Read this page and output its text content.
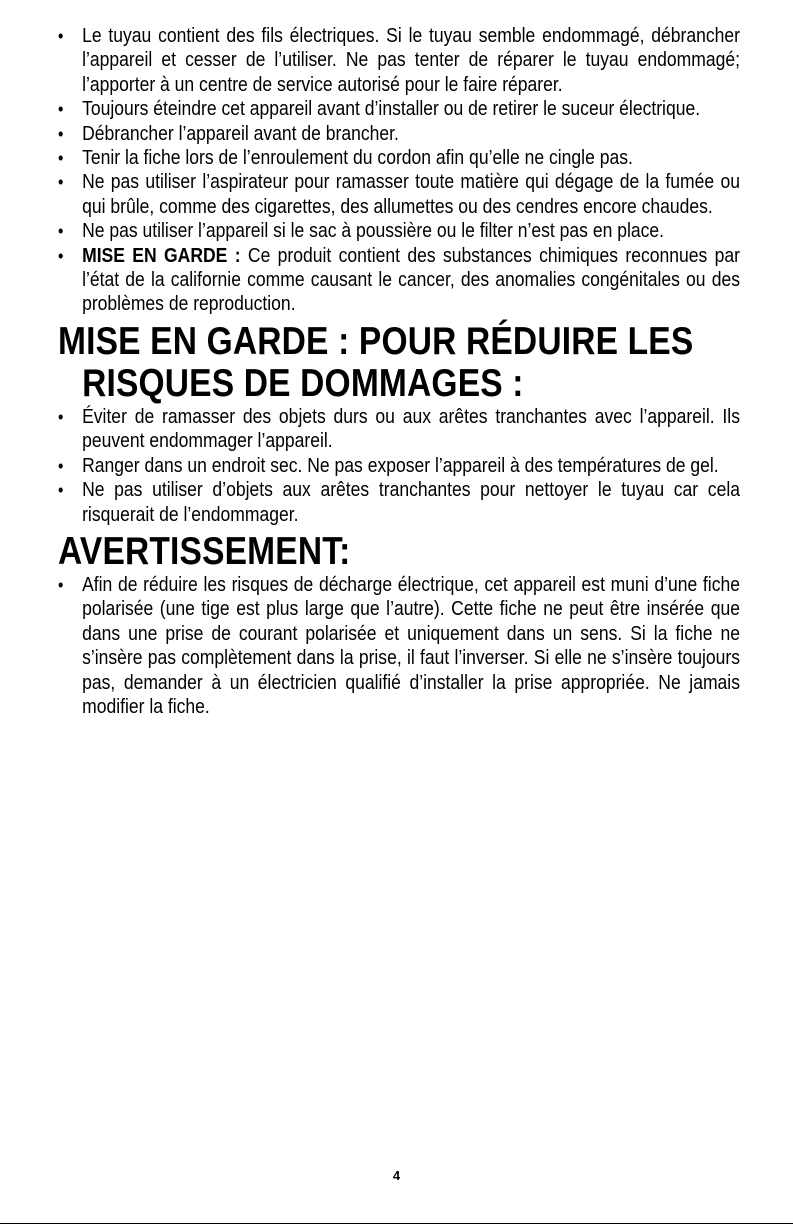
• Le tuyau contient des fils électriques. Si le tuyau semble endommagé, débrancher l’appareil et cesser de l’utiliser. Ne pas tenter de réparer le tuyau endommagé; l’apporter à un centre de service autorisé pour le faire réparer.
• Toujours éteindre cet appareil avant d’installer ou de retirer le suceur électrique.
• Débrancher l’appareil avant de brancher.
• Tenir la fiche lors de l’enroulement du cordon afin qu’elle ne cingle pas.
• Ne pas utiliser l’aspirateur pour ramasser toute matière qui dégage de la fumée ou qui brûle, comme des cigarettes, des allumettes ou des cendres encore chaudes.
• Ne pas utiliser l’appareil si le sac à poussière ou le filter n’est pas en place.
• MISE EN GARDE : Ce produit contient des substances chimiques reconnues par l’état de la californie comme causant le cancer, des anomalies congénitales ou des problèmes de reproduction.
MISE EN GARDE : POUR RÉDUIRE LES
RISQUES DE DOMMAGES :
• Éviter de ramasser des objets durs ou aux arêtes tranchantes avec l’appareil. Ils peuvent endommager l’appareil.
• Ranger dans un endroit sec. Ne pas exposer l’appareil à des températures de gel.
• Ne pas utiliser d’objets aux arêtes tranchantes pour nettoyer le tuyau car cela risquerait de l’endommager.
AVERTISSEMENT:
• Afin de réduire les risques de décharge électrique, cet appareil est muni d’une fiche polarisée (une tige est plus large que l’autre). Cette fiche ne peut être insérée que dans une prise de courant polarisée et uniquement dans un sens. Si la fiche ne s’insère pas complètement dans la prise, il faut l’inverser. Si elle ne s’insère toujours pas, demander à un électricien qualifié d’installer la prise appropriée. Ne jamais modifier la fiche.
4
